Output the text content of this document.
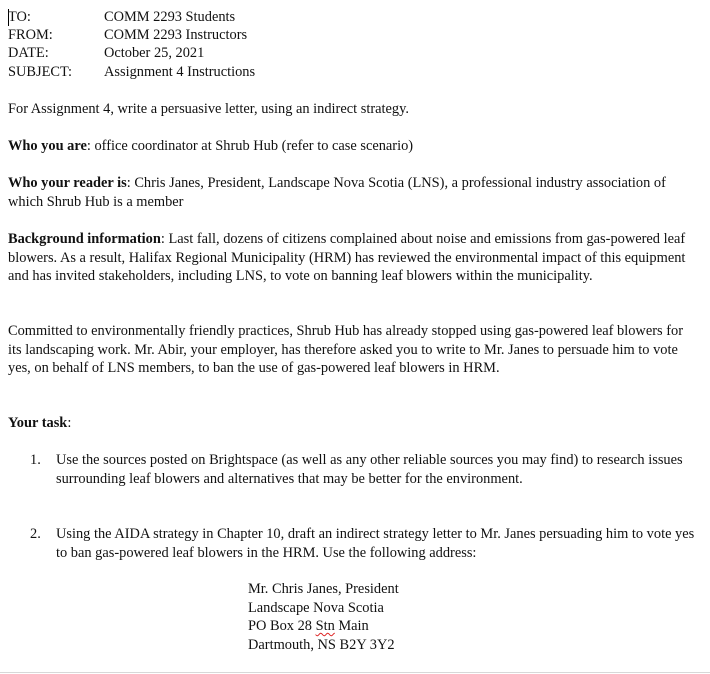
TO:	COMM 2293 Students
FROM:	COMM 2293 Instructors
DATE:	October 25, 2021
SUBJECT: Assignment 4 Instructions
For Assignment 4, write a persuasive letter, using an indirect strategy.
Who you are: office coordinator at Shrub Hub (refer to case scenario)
Who your reader is: Chris Janes, President, Landscape Nova Scotia (LNS), a professional industry association of which Shrub Hub is a member
Background information: Last fall, dozens of citizens complained about noise and emissions from gas-powered leaf blowers. As a result, Halifax Regional Municipality (HRM) has reviewed the environmental impact of this equipment and has invited stakeholders, including LNS, to vote on banning leaf blowers within the municipality.
Committed to environmentally friendly practices, Shrub Hub has already stopped using gas-powered leaf blowers for its landscaping work. Mr. Abir, your employer, has therefore asked you to write to Mr. Janes to persuade him to vote yes, on behalf of LNS members, to ban the use of gas-powered leaf blowers in HRM.
Your task:
1.	Use the sources posted on Brightspace (as well as any other reliable sources you may find) to research issues surrounding leaf blowers and alternatives that may be better for the environment.
2.	Using the AIDA strategy in Chapter 10, draft an indirect strategy letter to Mr. Janes persuading him to vote yes to ban gas-powered leaf blowers in the HRM. Use the following address:
Mr. Chris Janes, President
Landscape Nova Scotia
PO Box 28 Stn Main
Dartmouth, NS B2Y 3Y2
